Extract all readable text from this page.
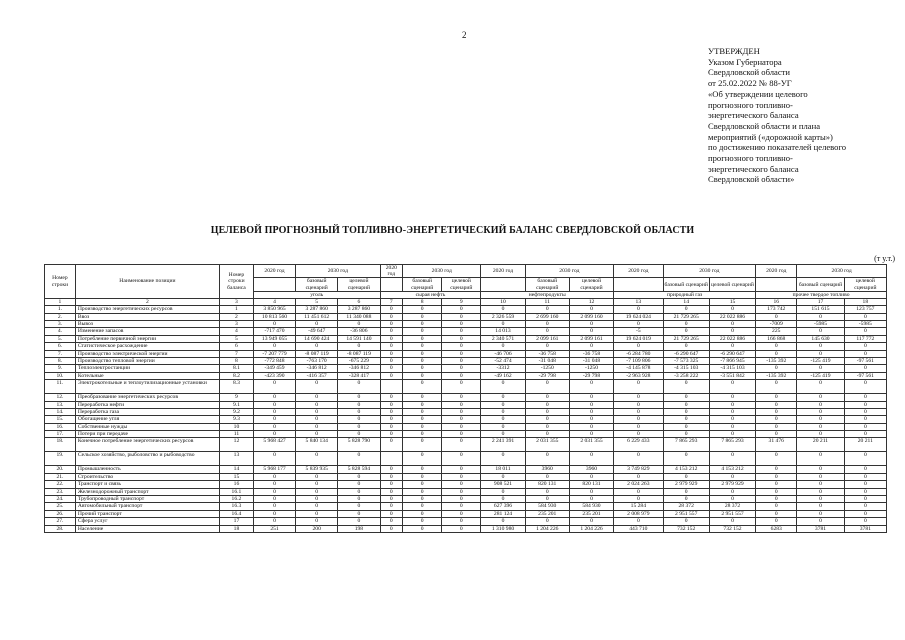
2
УТВЕРЖДЕН
Указом Губернатора
Свердловской области
от 25.02.2022 № 88-УГ
«Об утверждении целевого
прогнозного топливно-
энергетического баланса
Свердловской области и плана
мероприятий («дорожной карты»)
по достижению показателей целевого
прогнозного топливно-
энергетического баланса
Свердловской области»
ЦЕЛЕВОЙ ПРОГНОЗНЫЙ ТОПЛИВНО-ЭНЕРГЕТИЧЕСКИЙ БАЛАНС СВЕРДЛОВСКОЙ ОБЛАСТИ
(т у.т.)
Номер строки	Наименование позиции	Номер строки баланса	2020 год	2030 год		2020 год	2030 год		2020 год	2030 год		2020 год	2030 год		2020 год	2030 год	
				базовый сценарий	целевой сценарий		базовый сценарий	целевой сценарий		базовый сценарий	целевой сценарий		базовый сценарий	целевой сценарий		базовый сценарий	целевой сценарий
			уголь			сырая нефть			нефтепродукты			природный газ			прочее твердое топливо		
1	2	3	4	5	6	7	8	9	10	11	12	13	14	15	16	17	18
1.	Производство энергетических ресурсов	1	3 850 965	3 287 860	3 287 860	0	0	0	0	0	0	0	0	0	173 742	151 615	123 757
2.	Ввоз	2	10 813 560	11 451 612	11 340 088	0	0	0	2 326 559	2 699 160	2 099 160	19 624 024	21 729 265	22 022 886	0	0	0
3.	Вывоз	3	0	0	0	0	0	0	0	0	0	0	0	0	-7009	-5985	-5985
4.	Изменение запасов	4	-717 470	-49 647	-36 806	0	0	0	14 013	0	0	-5	0	0	225	0	0
5.	Потребление первичной энергии	5	13 949 055	14 690 424	14 591 140	0	0	0	2 340 571	2 099 161	2 099 161	19 624 019	21 729 265	22 022 886	166 868	145 630	117 772
6.	Статистическое расхождение	6	0	0	0	0	0	0	0	0	0	0	0	0	0	0	0
7.	Производство электрической энергии	7	-7 207 779	-8 087 119	-8 087 119	0	0	0	-46 706	-36 758	-36 758	-6 284 780	-6 290 647	-6 290 647	0	0	0
8.	Производство тепловой энергии	8	-772 848	-763 170	-675 229	0	0	0	-52 474	-31 048	-31 048	-7 109 806	-7 573 325	-7 866 945	-135 392	-125 419	-97 561
9.	Теплоэлектростанции	8.1	-349 459	-346 812	-346 812	0	0	0	-3312	-1250	-1250	-4 145 878	-4 315 103	-4 315 103	0	0	0
10.	Котельные	8.2	-423 390	-416 357	-328 417	0	0	0	-49 162	-29 798	-29 798	-2 963 928	-3 258 222	-3 551 842	-135 392	-125 419	-97 561
11.	Электрокотельные и теплоутилизационные установки	8.3	0	0	0		0	0	0	0	0	0	0	0	0	0	0
12.	Преобразование энергетических ресурсов	9	0	0	0	0	0	0	0	0	0	0	0	0	0	0	0
13.	Переработка нефти	9.1	0	0	0	0	0	0	0	0	0	0	0	0	0	0	0
14.	Переработка газа	9.2	0	0	0	0	0	0	0	0	0	0	0	0	0	0	0
15.	Обогащение угля	9.3	0	0	0	0	0	0	0	0	0	0	0	0	0	0	0
16.	Собственные нужды	10	0	0	0	0	0	0	0	0	0	0	0	0	0	0	0
17.	Потери при передаче	11	0	0	0	0	0	0	0	0	0	0	0	0	0	0	0
18.	Конечное потребление энергетических ресурсов	12	5 968 427	5 840 134	5 828 790	0	0	0	2 241 391	2 031 355	2 031 355	6 229 433	7 865 293	7 865 293	31 476	20 211	20 211
19.	Сельское хозяйство, рыболовство и рыбоводство	13	0	0	0		0	0	0	0	0	0	0	0	0	0	0
20.	Промышленность	14	5 968 177	5 839 935	5 828 594	0	0	0	18 011	3960	3960	3 749 829	4 153 212	4 153 212	0	0	0
21.	Строительство	15	0	0	0	0	0	0	0	0	0	0	0	0	0	0	0
22.	Транспорт и связь	16	0	0	0	0	0	0	908 521	820 131	820 131	2 024 263	2 979 929	2 979 929	0	0	0
23.	Железнодорожный транспорт	16.1	0	0	0	0	0	0	0	0	0	0	0	0	0	0	0
24.	Трубопроводный транспорт	16.2	0	0	0	0	0	0	0	0	0	0	0	0	0	0	0
25.	Автомобильный транспорт	16.3	0	0	0	0	0	0	627 396	584 930	584 930	15 284	28 372	28 372	0	0	0
26.	Прочий транспорт	16.4	0	0	0	0	0	0	281 124	235 201	235 201	2 008 979	2 951 557	2 951 557	0	0	0
27.	Сфера услуг	17	0	0	0	0	0	0	0	0	0	0	0	0	0	0	0
28.	Население	18	251	200	198	0	0	0	1 310 980	1 204 226	1 204 226	443 710	732 152	732 152	6283	3781	3781
